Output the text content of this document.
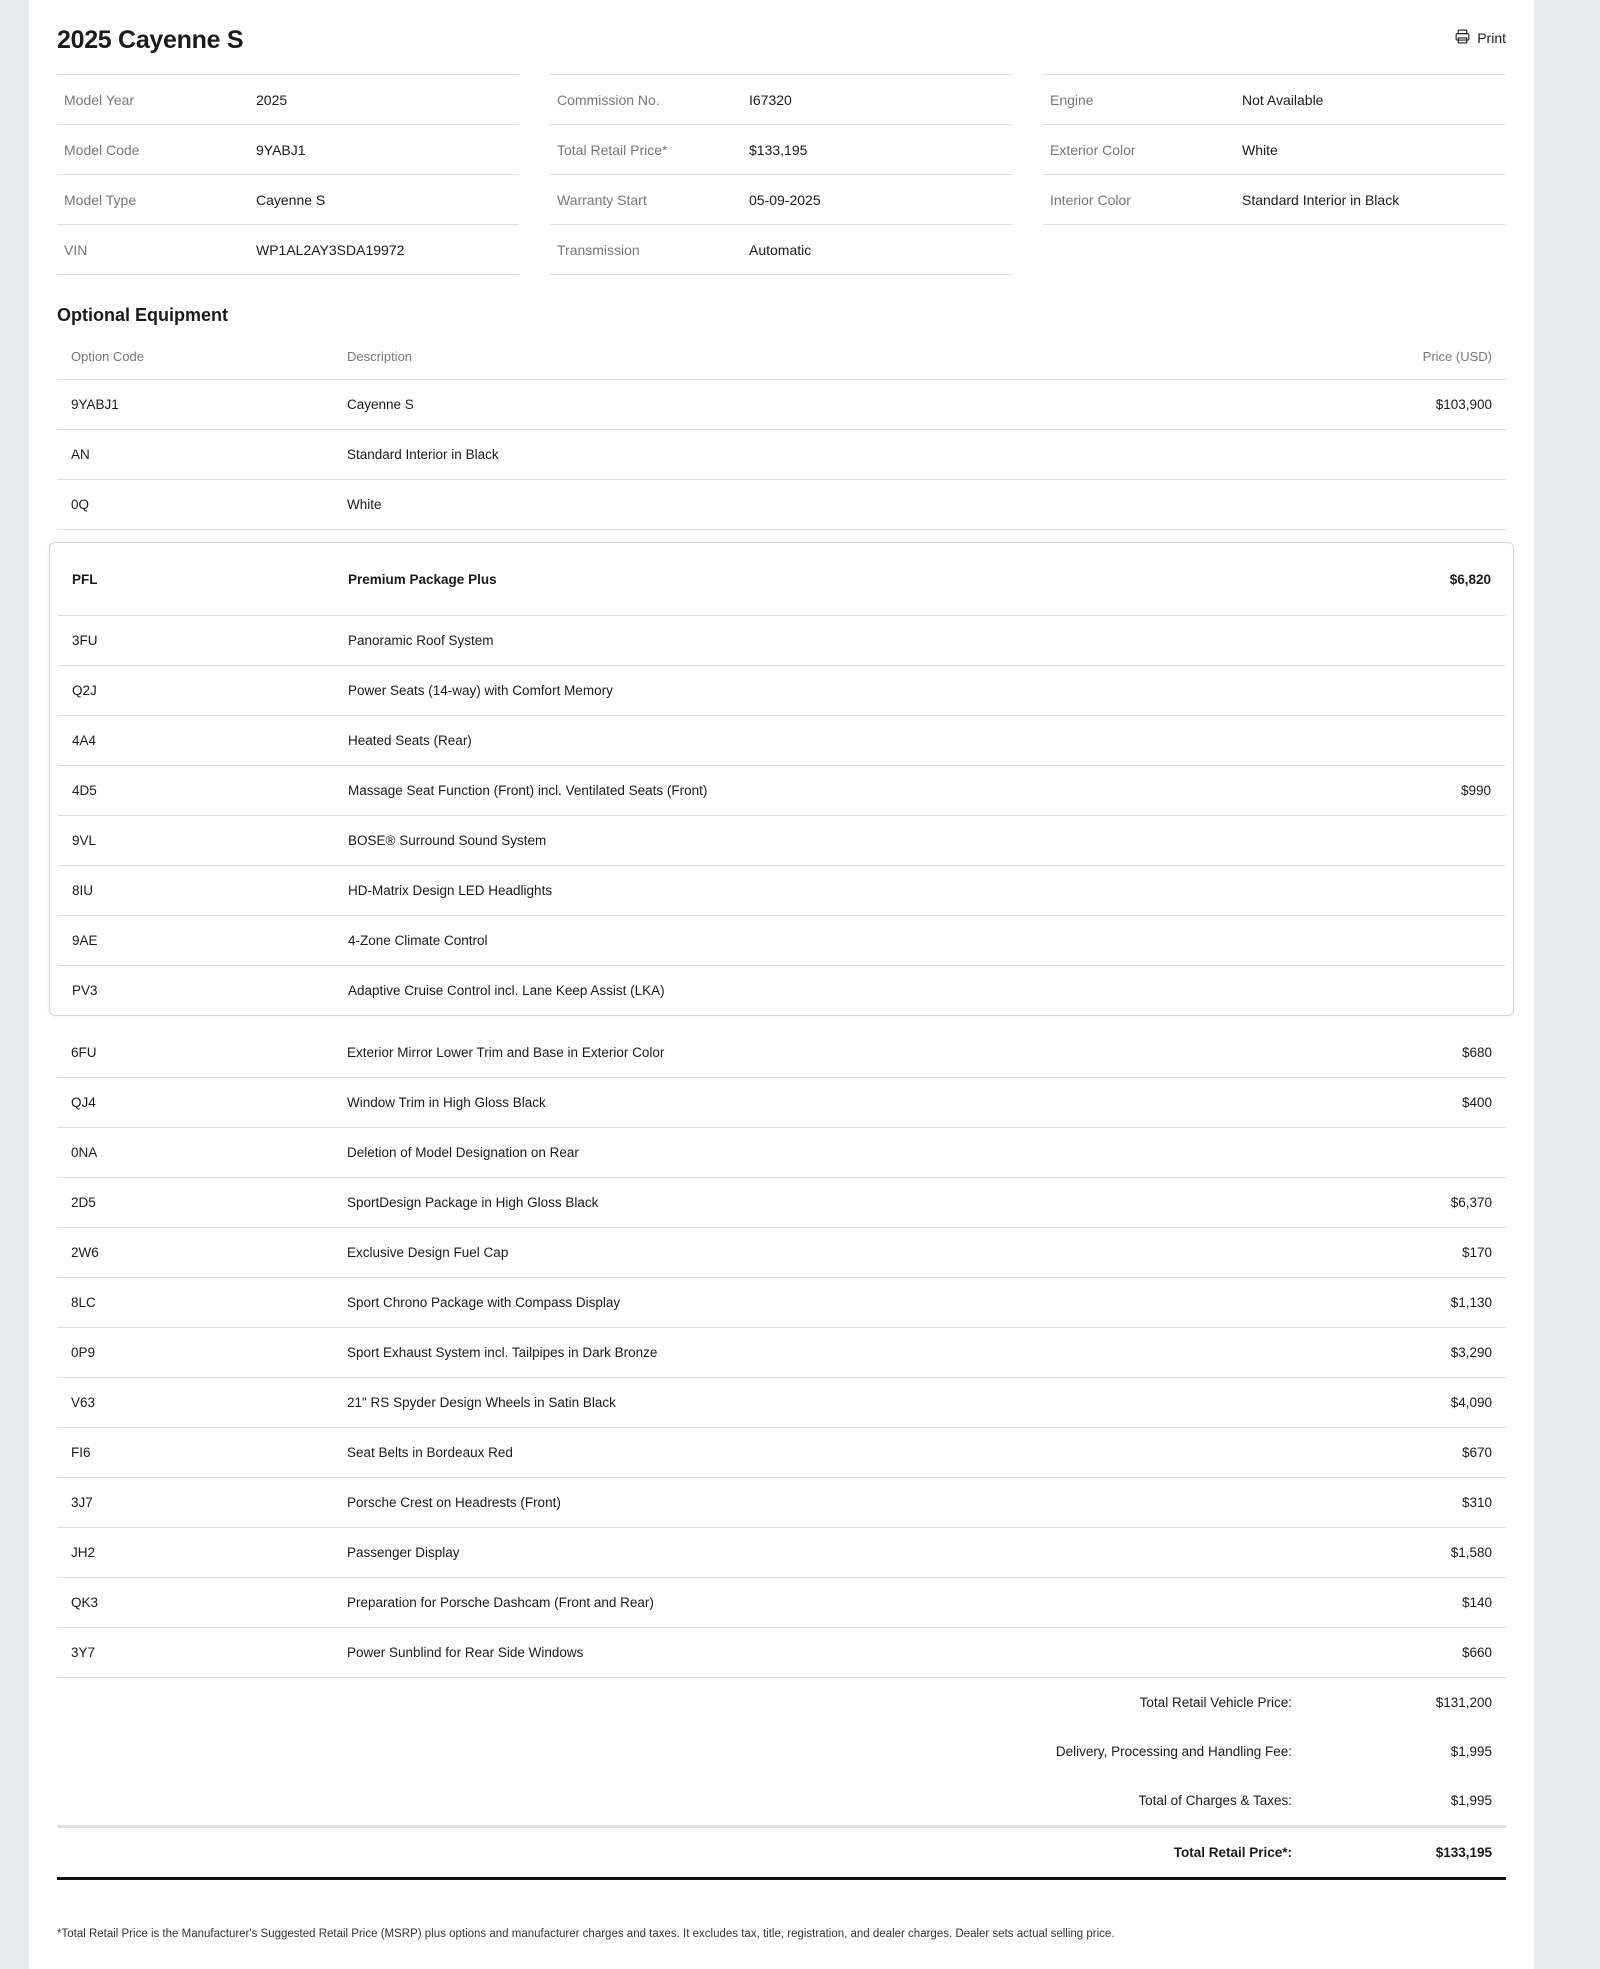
2025 Cayenne S	Print
Model Year	2025
Model Code	9YABJ1
Model Type	Cayenne S
VIN	WP1AL2AY3SDA19972
Commission No.	I67320
Total Retail Price*	$133,195
Warranty Start	05-09-2025
Transmission	Automatic
Engine	Not Available
Exterior Color	White
Interior Color	Standard Interior in Black
Optional Equipment
Option Code	Description	Price (USD)
9YABJ1	Cayenne S	$103,900
AN	Standard Interior in Black
0Q	White
PFL	Premium Package Plus	$6,820
3FU	Panoramic Roof System
Q2J	Power Seats (14-way) with Comfort Memory
4A4	Heated Seats (Rear)
4D5	Massage Seat Function (Front) incl. Ventilated Seats (Front)	$990
9VL	BOSE® Surround Sound System
8IU	HD-Matrix Design LED Headlights
9AE	4-Zone Climate Control
PV3	Adaptive Cruise Control incl. Lane Keep Assist (LKA)
6FU	Exterior Mirror Lower Trim and Base in Exterior Color	$680
QJ4	Window Trim in High Gloss Black	$400
0NA	Deletion of Model Designation on Rear
2D5	SportDesign Package in High Gloss Black	$6,370
2W6	Exclusive Design Fuel Cap	$170
8LC	Sport Chrono Package with Compass Display	$1,130
0P9	Sport Exhaust System incl. Tailpipes in Dark Bronze	$3,290
V63	21" RS Spyder Design Wheels in Satin Black	$4,090
FI6	Seat Belts in Bordeaux Red	$670
3J7	Porsche Crest on Headrests (Front)	$310
JH2	Passenger Display	$1,580
QK3	Preparation for Porsche Dashcam (Front and Rear)	$140
3Y7	Power Sunblind for Rear Side Windows	$660
Total Retail Vehicle Price:	$131,200
Delivery, Processing and Handling Fee:	$1,995
Total of Charges & Taxes:	$1,995
Total Retail Price*:	$133,195
*Total Retail Price is the Manufacturer's Suggested Retail Price (MSRP) plus options and manufacturer charges and taxes. It excludes tax, title, registration, and dealer charges. Dealer sets actual selling price.
